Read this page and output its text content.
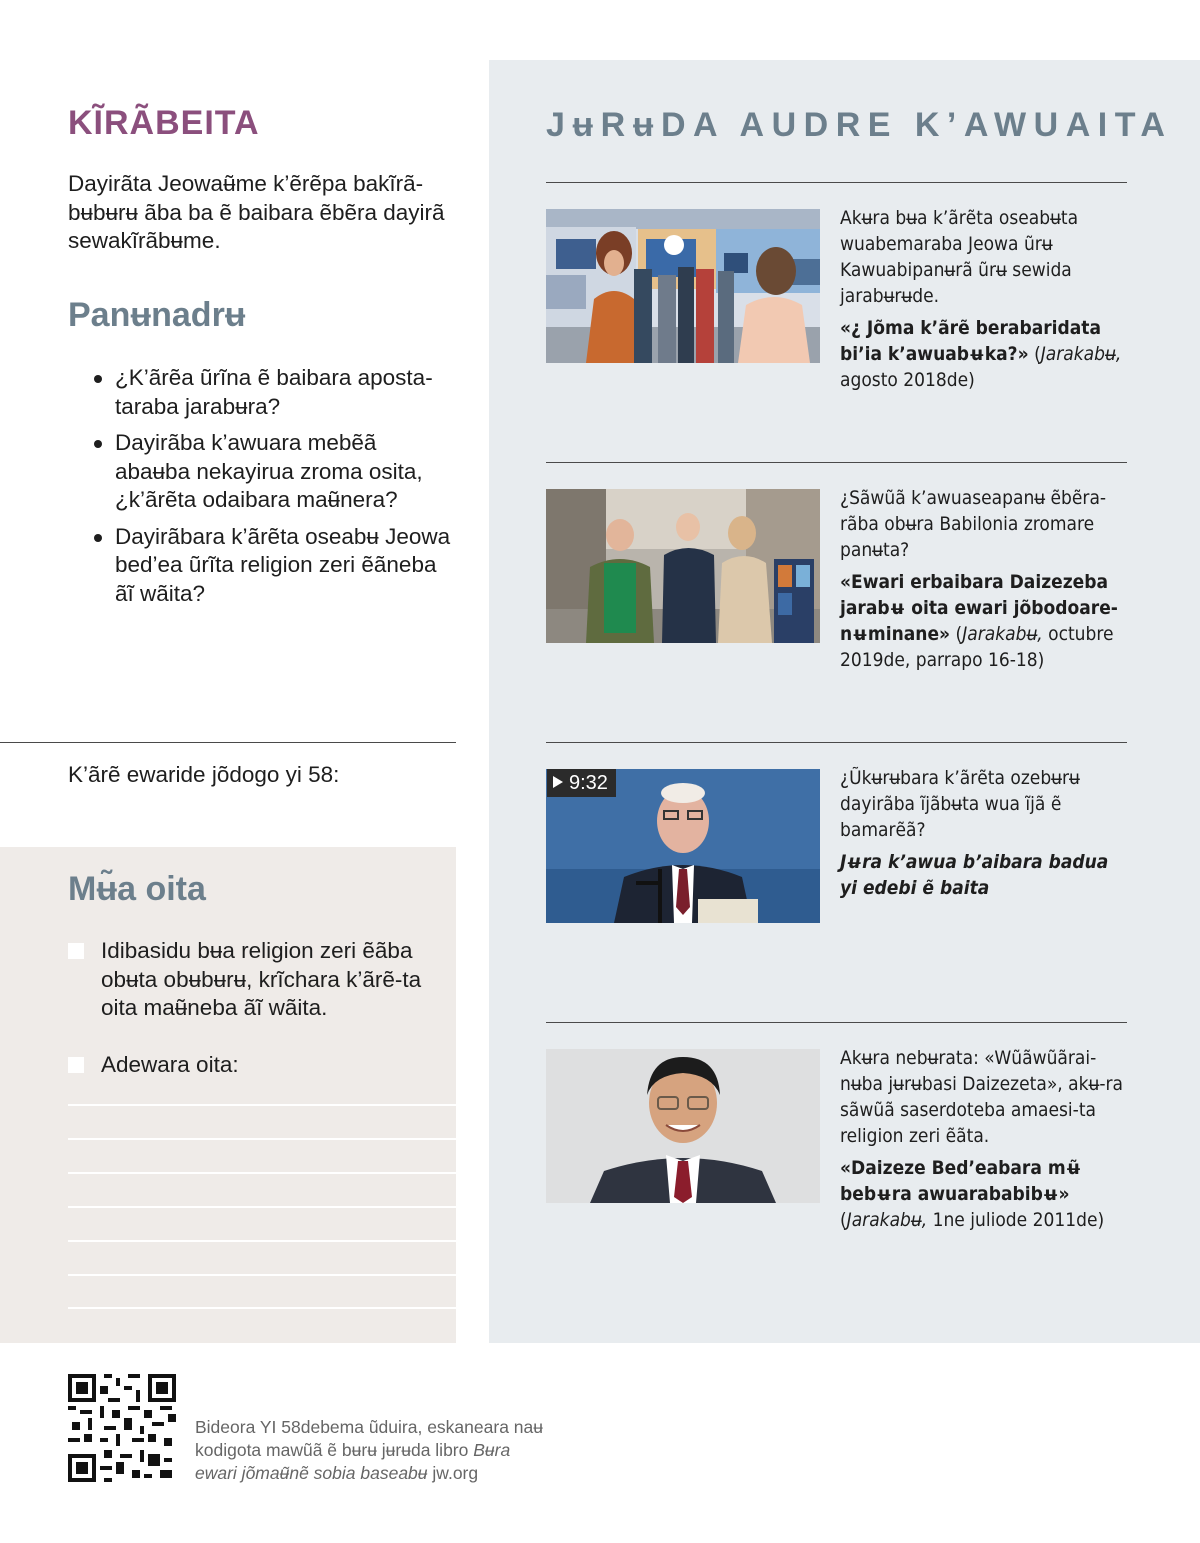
KĨRÃBEITA
Dayirãta Jeowaʉ̃me k’ẽrẽpa bakĩrã-bʉbʉrʉ ãba ba ẽ baibara ẽbẽra dayirã sewakĩrãbʉme.
Panʉnadrʉ
¿K’ãrẽa ũrĩna ẽ baibara aposta-taraba jarabʉra?
Dayirãba k’awuara mebẽã abaʉba nekayirua zroma osita, ¿k’ãrẽta odaibara maʉ̃nera?
Dayirãbara k’ãrẽta oseabʉ Jeowa bed’ea ũrĩta religion zeri ẽãneba ãĩ wãita?
K’ãrẽ ewaride jõdogo yi 58:
Mʉ̃a oita
Idibasidu bʉa religion zeri ẽãba obʉta obʉbʉrʉ, krĩchara k’ãrẽ-ta oita maʉ̃neba ãĩ wãita.
Adewara oita:
JʉRʉDA AUDRE K’AWUAITA
Akʉra bʉa k’ãrẽta oseabʉta wuabemaraba Jeowa ũrʉ Kawuabipanʉrã ũrʉ sewida jarabʉrʉde.
«¿ Jõma k’ãrẽ berabaridata bi’ia k’awuabʉka?» (Jarakabʉ, agosto 2018de)
¿Sãwũã k’awuaseapanʉ ẽbẽra-rãba obʉra Babilonia zromare panʉta?
«Ewari erbaibara Daizezeba jarabʉ oita ewari jõbodoare-nʉminane» (Jarakabʉ, octubre 2019de, parrapo 16-18)
9:32	¿Ũkʉrʉbara k’ãrẽta ozebʉrʉ dayirãba ĩjãbʉta wua ĩjã ẽ bamarẽã?
Jʉra k’awua b’aibara badua yi edebi ẽ baita
Akʉra nebʉrata: «Wũãwũãrai-nʉba jʉrʉbasi Daizezeta», akʉ-ra sãwũã saserdoteba amaesi-ta religion zeri ẽãta.
«Daizeze Bed’eabara mʉ̃ bebʉra awuarababibʉ»
(Jarakabʉ, 1ne juliode 2011de)
Bideora YI 58debema ũduira, eskaneara naʉ
kodigota mawũã ẽ bʉrʉ jʉrʉda libro Bʉra
ewari jõmaʉ̃nẽ sobia baseabʉ jw.org
